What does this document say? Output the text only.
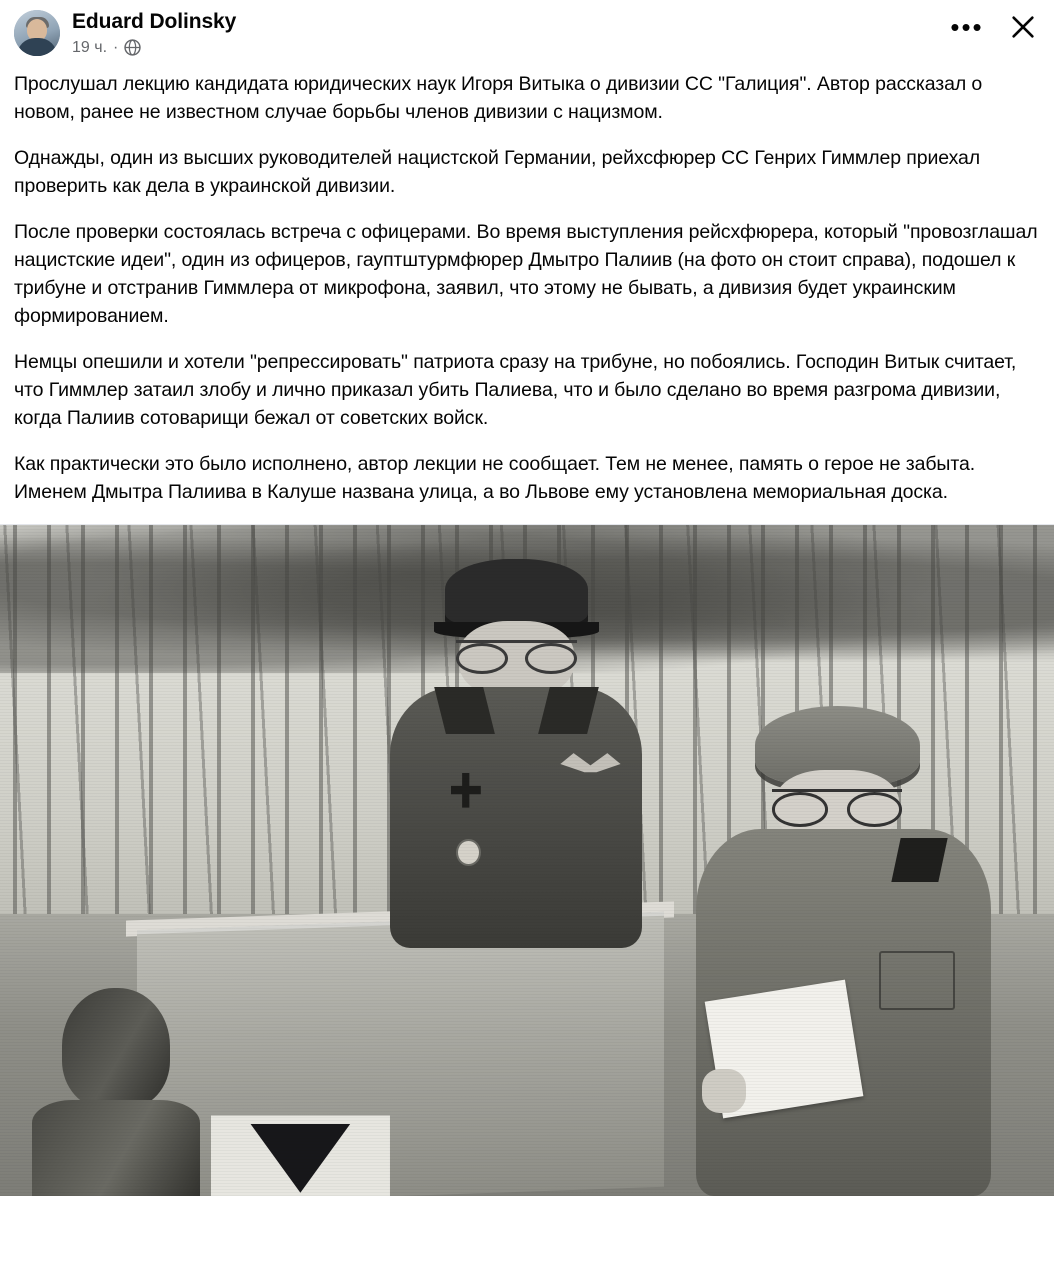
Eduard Dolinsky
19 ч. ·
•••

Прослушал лекцию кандидата юридических наук Игоря Витыка о дивизии СС "Галиция". Автор рассказал о новом, ранее не известном случае борьбы членов дивизии с нацизмом.

Однажды, один из высших руководителей нацистской Германии, рейхсфюрер СС Генрих Гиммлер приехал проверить как дела в украинской дивизии.

После проверки состоялась встреча с офицерами. Во время выступления рейсхфюрера, который "провозглашал нацистские идеи", один из офицеров, гауптштурмфюрер Дмытро Палиив (на фото он стоит справа), подошел к трибуне и отстранив Гиммлера от микрофона, заявил, что этому не бывать, а дивизия будет украинским формированием.

Немцы опешили и хотели "репрессировать" патриота сразу на трибуне, но побоялись. Господин Витык считает, что Гиммлер затаил злобу и лично приказал убить Палиева, что и было сделано во время разгрома дивизии, когда Палиив сотоварищи бежал от советских войск.

Как практически это было исполнено, автор лекции не сообщает. Тем не менее, память о герое не забыта. Именем Дмытра Палиива в Калуше названа улица, а во Львове ему установлена мемориальная доска.
